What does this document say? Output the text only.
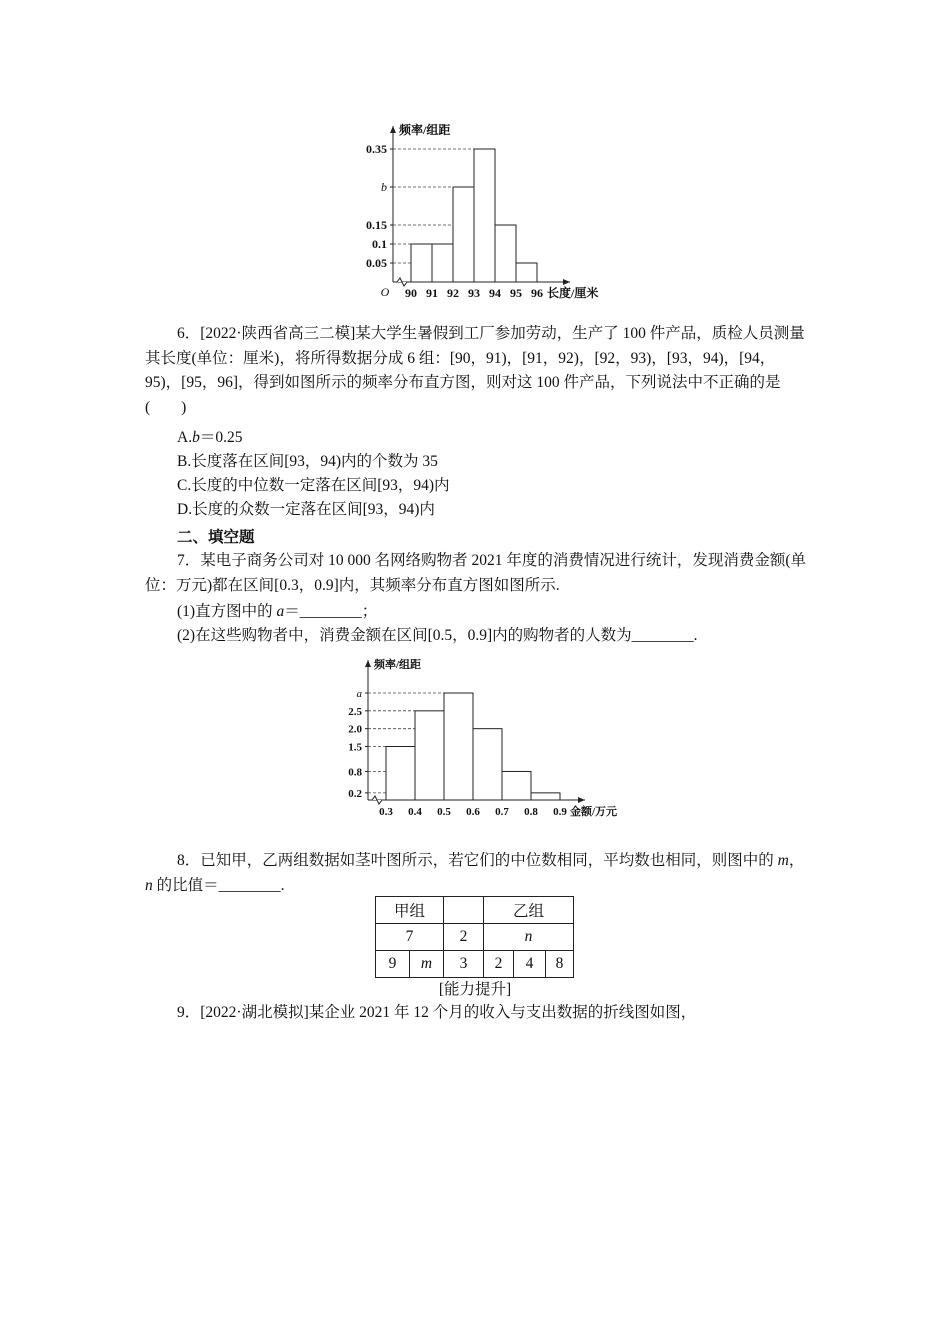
0.05
0.1
0.15
b
0.35
90 91 92 93 94 95 96
频率/组距
长度/厘米
O

6．[2022·陕西省高三二模]某大学生暑假到工厂参加劳动，生产了 100 件产品，质检人员测量其长度(单位：厘米)，将所得数据分成 6 组：[90，91)，[91，92)，[92，93)，[93，94)，[94，95)，[95，96]，得到如图所示的频率分布直方图，则对这 100 件产品，下列说法中不正确的是(　　)

A.b＝0.25

B.长度落在区间[93，94)内的个数为 35

C.长度的中位数一定落在区间[93，94)内

D.长度的众数一定落在区间[93，94)内

二、填空题

7．某电子商务公司对 10 000 名网络购物者 2021 年度的消费情况进行统计，发现消费金额(单位：万元)都在区间[0.3，0.9]内，其频率分布直方图如图所示.

(1)直方图中的 a＝________；

(2)在这些购物者中，消费金额在区间[0.5，0.9]内的购物者的人数为________.

0.2
0.8
1.5
2.0
2.5
a
0.3 0.4 0.5 0.6 0.7 0.8 0.9
频率/组距
金额/万元

8．已知甲，乙两组数据如茎叶图所示，若它们的中位数相同，平均数也相同，则图中的 m，n 的比值＝________.

甲组			乙组		
7		2	n		
9	m	3	2	4	8
[能力提升]

9．[2022·湖北模拟]某企业 2021 年 12 个月的收入与支出数据的折线图如图，
